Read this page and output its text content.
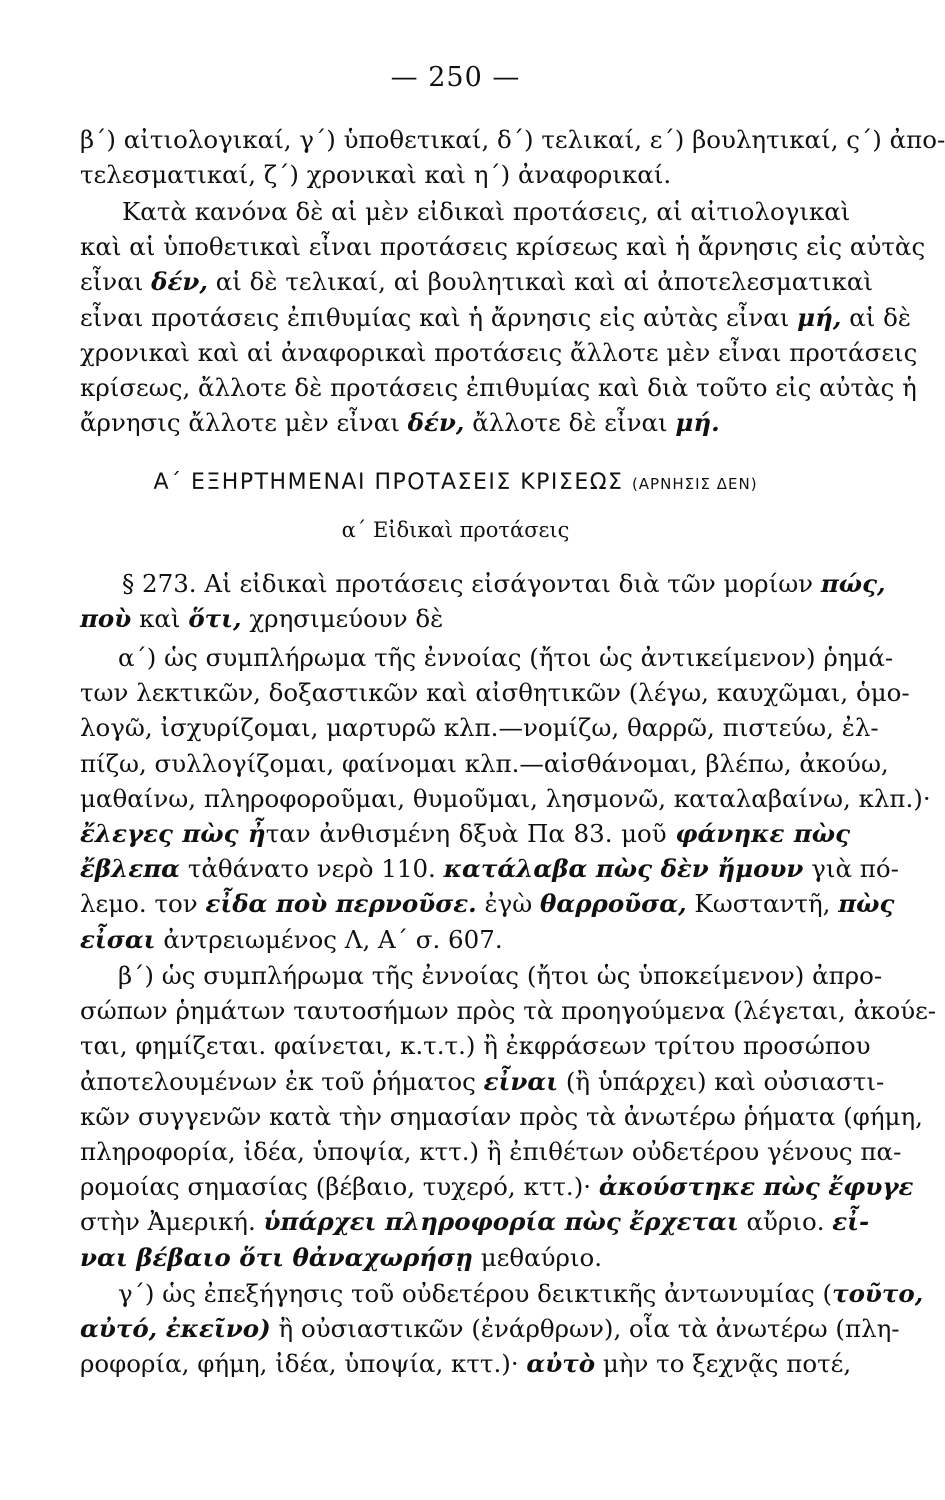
— 250 —
β΄) αἰτιολογικαί, γ΄) ὑποθετικαί, δ΄) τελικαί, ε΄) βουλητικαί, ς΄) ἀπο-
τελεσματικαί, ζ΄) χρονικαὶ καὶ η΄) ἀναφορικαί.
Κατὰ κανόνα δὲ αἱ μὲν εἰδικαὶ προτάσεις, αἱ αἰτιολογικαὶ
καὶ αἱ ὑποθετικαὶ εἶναι προτάσεις κρίσεως καὶ ἡ ἄρνησις εἰς αὐτὰς
εἶναι δέν, αἱ δὲ τελικαί, αἱ βουλητικαὶ καὶ αἱ ἀποτελεσματικαὶ
εἶναι προτάσεις ἐπιθυμίας καὶ ἡ ἄρνησις εἰς αὐτὰς εἶναι μή, αἱ δὲ
χρονικαὶ καὶ αἱ ἀναφορικαὶ προτάσεις ἄλλοτε μὲν εἶναι προτάσεις
κρίσεως, ἄλλοτε δὲ προτάσεις ἐπιθυμίας καὶ διὰ τοῦτο εἰς αὐτὰς ἡ
ἄρνησις ἄλλοτε μὲν εἶναι δέν, ἄλλοτε δὲ εἶναι μή.
Α΄ ΕΞΗΡΤΗΜΕΝΑΙ ΠΡΟΤΑΣΕΙΣ ΚΡΙΣΕΩΣ (ΑΡΝΗΣΙΣ ΔΕΝ)
α΄ Εἰδικαὶ προτάσεις
§ 273. Αἱ εἰδικαὶ προτάσεις εἰσάγονται διὰ τῶν μορίων πώς,
ποὺ καὶ ὅτι, χρησιμεύουν δὲ
α΄) ὡς συμπλήρωμα τῆς ἐννοίας (ἤτοι ὡς ἀντικείμενον) ῥημά-
των λεκτικῶν, δοξαστικῶν καὶ αἰσθητικῶν (λέγω, καυχῶμαι, ὁμο-
λογῶ, ἰσχυρίζομαι, μαρτυρῶ κλπ.—νομίζω, θαρρῶ, πιστεύω, ἐλ-
πίζω, συλλογίζομαι, φαίνομαι κλπ.—αἰσθάνομαι, βλέπω, ἀκούω,
μαθαίνω, πληροφοροῦμαι, θυμοῦμαι, λησμονῶ, καταλαβαίνω, κλπ.)·
ἔλεγες πὼς ἦταν ἀνθισμένη δξυὰ Πα 83. μοῦ φάνηκε πὼς
ἔβλεπα τἀθάνατο νερὸ 110. κατάλαβα πὼς δὲν ἤμουν γιὰ πό-
λεμο. τον εἶδα ποὺ περνοῦσε. ἐγὼ θαρροῦσα, Κωσταντῆ, πὼς
εἶσαι ἀντρειωμένος Λ, Α΄ σ. 607.
β΄) ὡς συμπλήρωμα τῆς ἐννοίας (ἤτοι ὡς ὑποκείμενον) ἀπρο-
σώπων ῥημάτων ταυτοσήμων πρὸς τὰ προηγούμενα (λέγεται, ἀκούε-
ται, φημίζεται. φαίνεται, κ.τ.τ.) ἢ ἐκφράσεων τρίτου προσώπου
ἀποτελουμένων ἐκ τοῦ ῥήματος εἶναι (ἢ ὑπάρχει) καὶ οὐσιαστι-
κῶν συγγενῶν κατὰ τὴν σημασίαν πρὸς τὰ ἀνωτέρω ῥήματα (φήμη,
πληροφορία, ἰδέα, ὑποψία, κττ.) ἢ ἐπιθέτων οὐδετέρου γένους πα-
ρομοίας σημασίας (βέβαιο, τυχερό, κττ.)· ἀκούστηκε πὼς ἔφυγε
στὴν Ἀμερική. ὑπάρχει πληροφορία πὼς ἔρχεται αὔριο. εἶ-
ναι βέβαιο ὅτι θἀναχωρήσῃ μεθαύριο.
γ΄) ὡς ἐπεξήγησις τοῦ οὐδετέρου δεικτικῆς ἀντωνυμίας (τοῦτο,
αὐτό, ἐκεῖνο) ἢ οὐσιαστικῶν (ἐνάρθρων), οἷα τὰ ἀνωτέρω (πλη-
ροφορία, φήμη, ἰδέα, ὑποψία, κττ.)· αὐτὸ μὴν το ξεχνᾷς ποτέ,
